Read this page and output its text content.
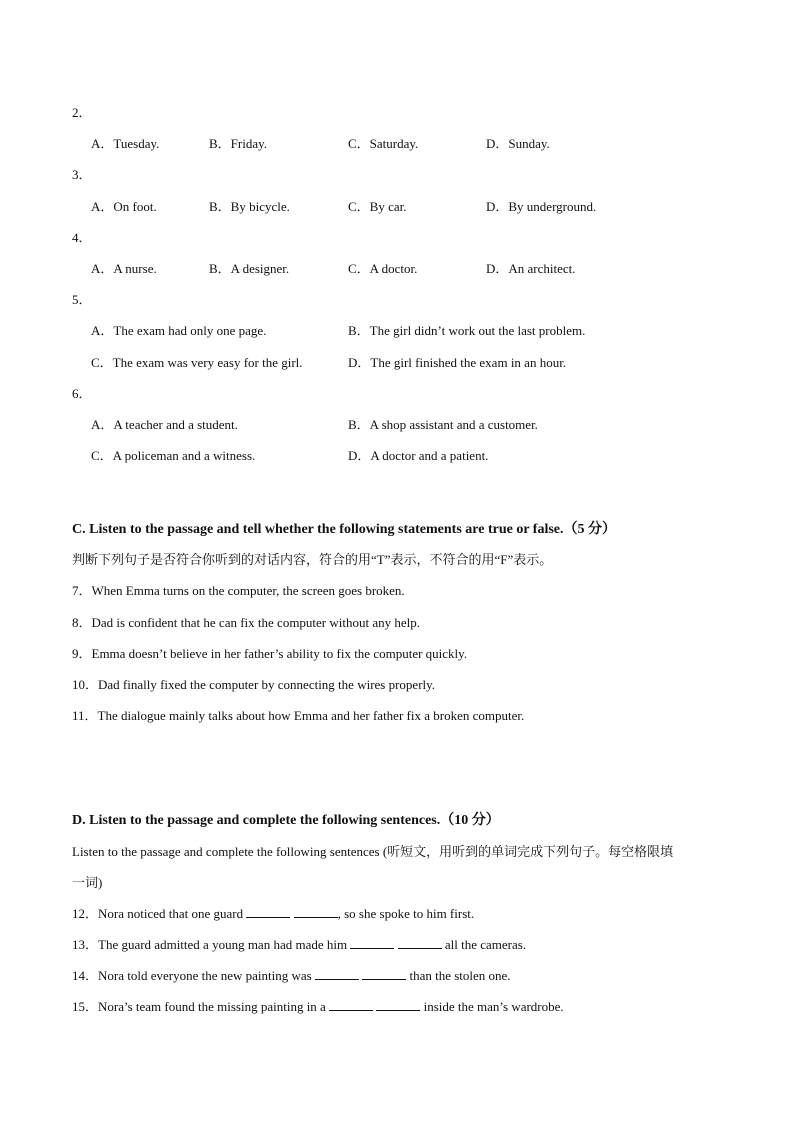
2．
A．Tuesday.	B．Friday.	C．Saturday.	D．Sunday.
3．
A．On foot.	B．By bicycle.	C．By car.	D．By underground.
4．
A．A nurse.	B．A designer.	C．A doctor.	D．An architect.
5．
A．The exam had only one page.	B．The girl didn’t work out the last problem.
C．The exam was very easy for the girl.	D．The girl finished the exam in an hour.
6．
A．A teacher and a student.	B．A shop assistant and a customer.
C．A policeman and a witness.	D．A doctor and a patient.
C. Listen to the passage and tell whether the following statements are true or false.（5 分）
判断下列句子是否符合你听到的对话内容，符合的用“T”表示，不符合的用“F”表示。
7．When Emma turns on the computer, the screen goes broken.
8．Dad is confident that he can fix the computer without any help.
9．Emma doesn’t believe in her father’s ability to fix the computer quickly.
10．Dad finally fixed the computer by connecting the wires properly.
11．The dialogue mainly talks about how Emma and her father fix a broken computer.
D. Listen to the passage and complete the following sentences.（10 分）
Listen to the passage and complete the following sentences (听短文，用听到的单词完成下列句子。每空格限填
一词)
12．Nora noticed that one guard	, so she spoke to him first.
13．The guard admitted a young man had made him	all the cameras.
14．Nora told everyone the new painting was	than the stolen one.
15．Nora’s team found the missing painting in a	inside the man’s wardrobe.
